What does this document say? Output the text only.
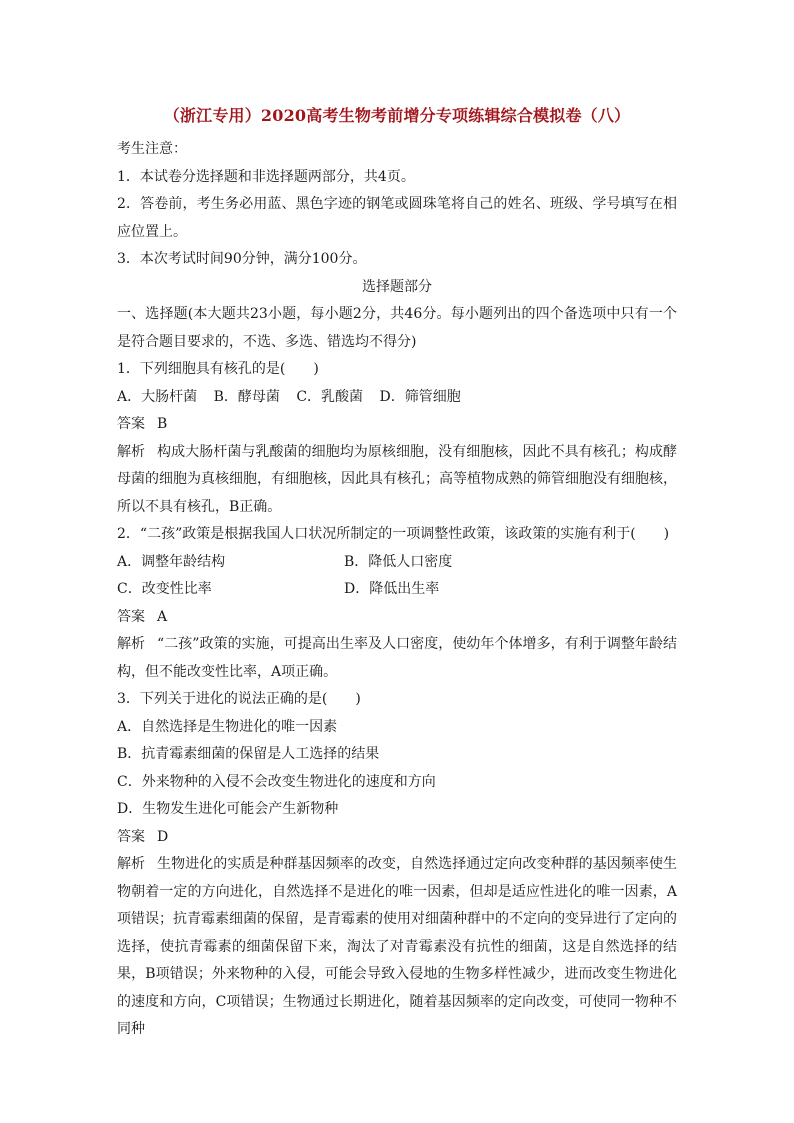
（浙江专用）2020高考生物考前增分专项练辑综合模拟卷（八）
考生注意：
1．本试卷分选择题和非选择题两部分，共4页。
2．答卷前，考生务必用蓝、黑色字迹的钢笔或圆珠笔将自己的姓名、班级、学号填写在相应位置上。
3．本次考试时间90分钟，满分100分。
选择题部分
一、选择题(本大题共23小题，每小题2分，共46分。每小题列出的四个备选项中只有一个是符合题目要求的，不选、多选、错选均不得分)
1．下列细胞具有核孔的是(　　)
A．大肠杆菌 B．酵母菌 C．乳酸菌 D．筛管细胞
答案 B
解析 构成大肠杆菌与乳酸菌的细胞均为原核细胞，没有细胞核，因此不具有核孔；构成酵母菌的细胞为真核细胞，有细胞核，因此具有核孔；高等植物成熟的筛管细胞没有细胞核，所以不具有核孔，B正确。
2．“二孩”政策是根据我国人口状况所制定的一项调整性政策，该政策的实施有利于(　　)
A．调整年龄结构	B．降低人口密度
C．改变性比率	D．降低出生率
答案 A
解析 “二孩”政策的实施，可提高出生率及人口密度，使幼年个体增多，有利于调整年龄结构，但不能改变性比率，A项正确。
3．下列关于进化的说法正确的是(　　)
A．自然选择是生物进化的唯一因素
B．抗青霉素细菌的保留是人工选择的结果
C．外来物种的入侵不会改变生物进化的速度和方向
D．生物发生进化可能会产生新物种
答案 D
解析 生物进化的实质是种群基因频率的改变，自然选择通过定向改变种群的基因频率使生物朝着一定的方向进化，自然选择不是进化的唯一因素，但却是适应性进化的唯一因素，A项错误；抗青霉素细菌的保留，是青霉素的使用对细菌种群中的不定向的变异进行了定向的选择，使抗青霉素的细菌保留下来，淘汰了对青霉素没有抗性的细菌，这是自然选择的结果，B项错误；外来物种的入侵，可能会导致入侵地的生物多样性减少，进而改变生物进化的速度和方向，C项错误；生物通过长期进化，随着基因频率的定向改变，可使同一物种不同种
